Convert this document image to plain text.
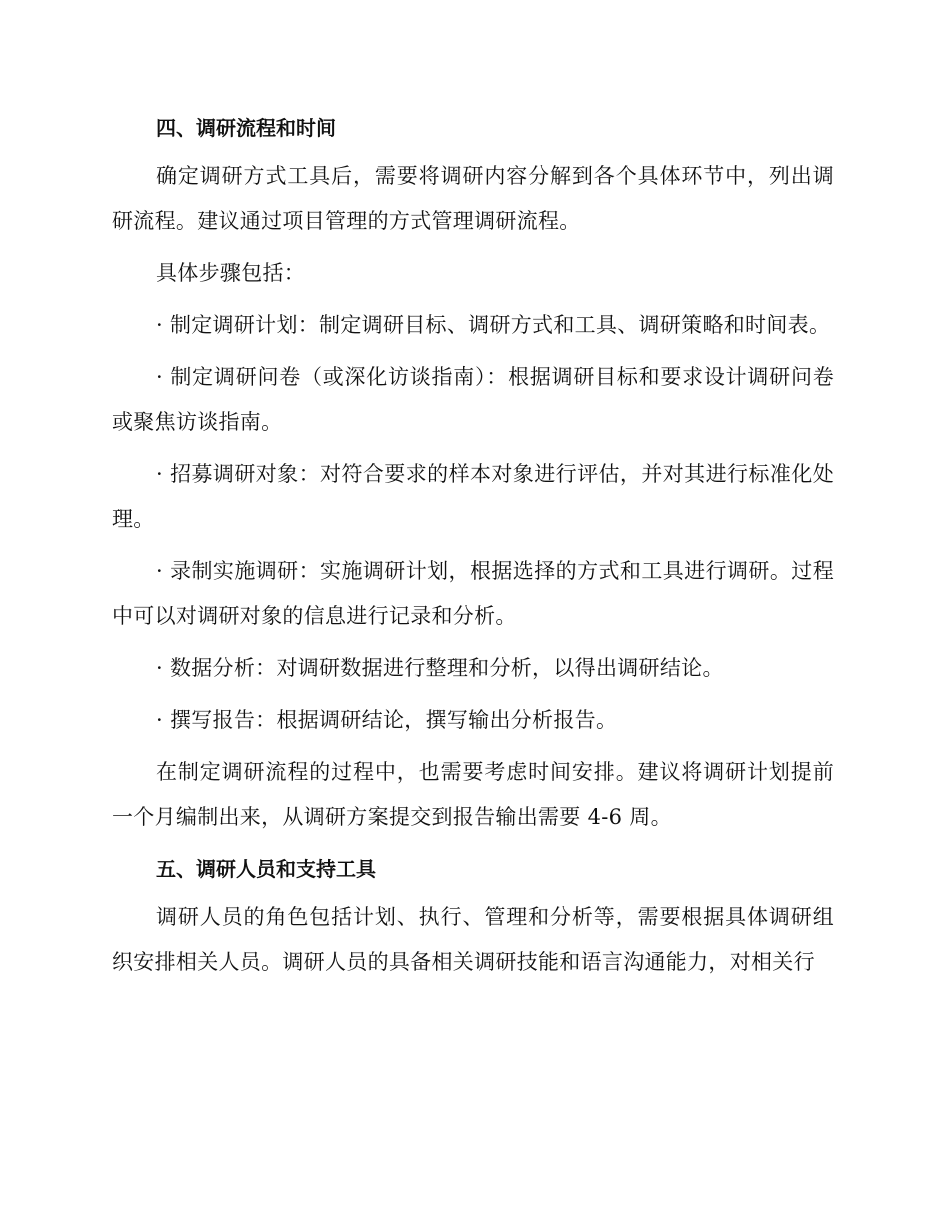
四、调研流程和时间

确定调研方式工具后，需要将调研内容分解到各个具体环节中，列出调研流程。建议通过项目管理的方式管理调研流程。

具体步骤包括：

· 制定调研计划：制定调研目标、调研方式和工具、调研策略和时间表。

· 制定调研问卷（或深化访谈指南）：根据调研目标和要求设计调研问卷或聚焦访谈指南。

· 招募调研对象：对符合要求的样本对象进行评估，并对其进行标准化处理。

· 录制实施调研：实施调研计划，根据选择的方式和工具进行调研。过程中可以对调研对象的信息进行记录和分析。

· 数据分析：对调研数据进行整理和分析，以得出调研结论。

· 撰写报告：根据调研结论，撰写输出分析报告。

在制定调研流程的过程中，也需要考虑时间安排。建议将调研计划提前一个月编制出来，从调研方案提交到报告输出需要 4-6 周。

五、调研人员和支持工具

调研人员的角色包括计划、执行、管理和分析等，需要根据具体调研组织安排相关人员。调研人员的具备相关调研技能和语言沟通能力，对相关行
